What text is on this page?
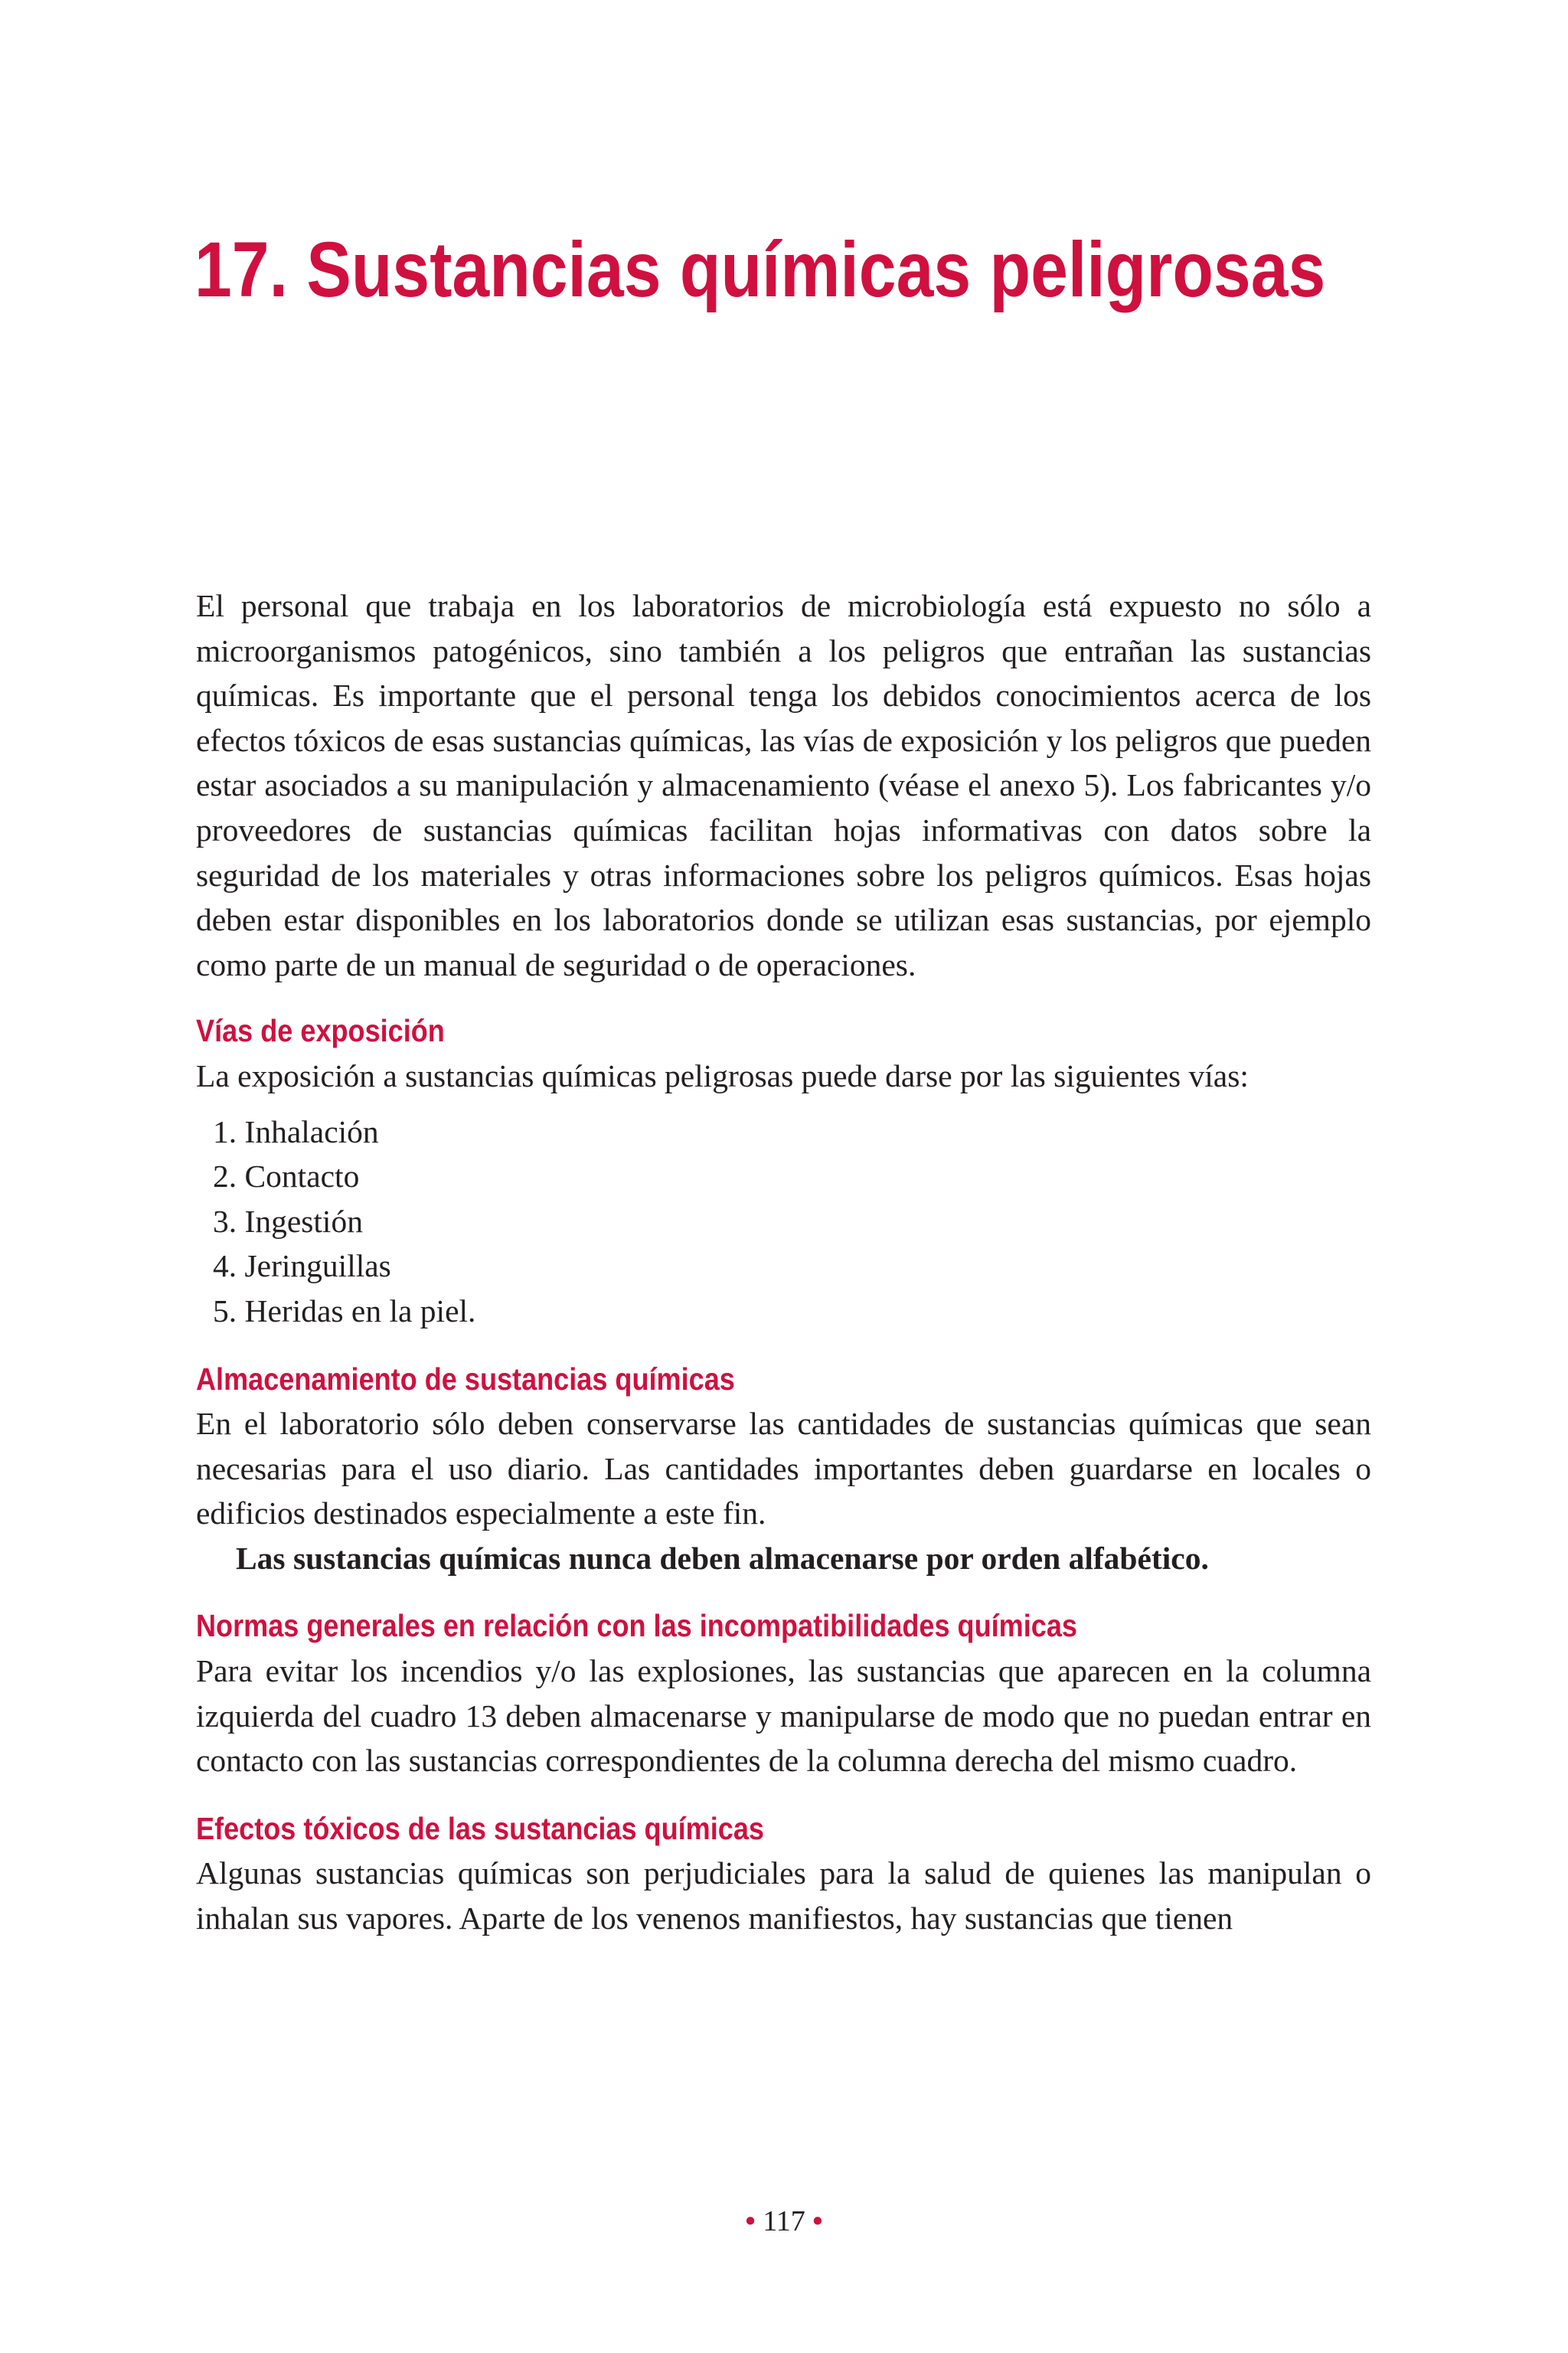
17. Sustancias químicas peligrosas

El personal que trabaja en los laboratorios de microbiología está expuesto no sólo a microorganismos patogénicos, sino también a los peligros que entrañan las sustancias químicas. Es importante que el personal tenga los debidos conocimientos acerca de los efectos tóxicos de esas sustancias químicas, las vías de exposición y los peligros que pueden estar asociados a su manipulación y almacenamiento (véase el anexo 5). Los fabricantes y/o proveedores de sustancias químicas facilitan hojas informativas con datos sobre la seguridad de los materiales y otras informaciones sobre los peligros químicos. Esas hojas deben estar disponibles en los laboratorios donde se utilizan esas sustancias, por ejemplo como parte de un manual de seguridad o de operaciones.

Vías de exposición

La exposición a sustancias químicas peligrosas puede darse por las siguientes vías:

1. Inhalación
2. Contacto
3. Ingestión
4. Jeringuillas
5. Heridas en la piel.
Almacenamiento de sustancias químicas

En el laboratorio sólo deben conservarse las cantidades de sustancias químicas que sean necesarias para el uso diario. Las cantidades importantes deben guardarse en locales o edificios destinados especialmente a este fin.

Las sustancias químicas nunca deben almacenarse por orden alfabético.

Normas generales en relación con las incompatibilidades químicas

Para evitar los incendios y/o las explosiones, las sustancias que aparecen en la columna izquierda del cuadro 13 deben almacenarse y manipularse de modo que no puedan entrar en contacto con las sustancias correspondientes de la columna derecha del mismo cuadro.

Efectos tóxicos de las sustancias químicas

Algunas sustancias químicas son perjudiciales para la salud de quienes las manipulan o inhalan sus vapores. Aparte de los venenos manifiestos, hay sustancias que tienen

• 117 •
